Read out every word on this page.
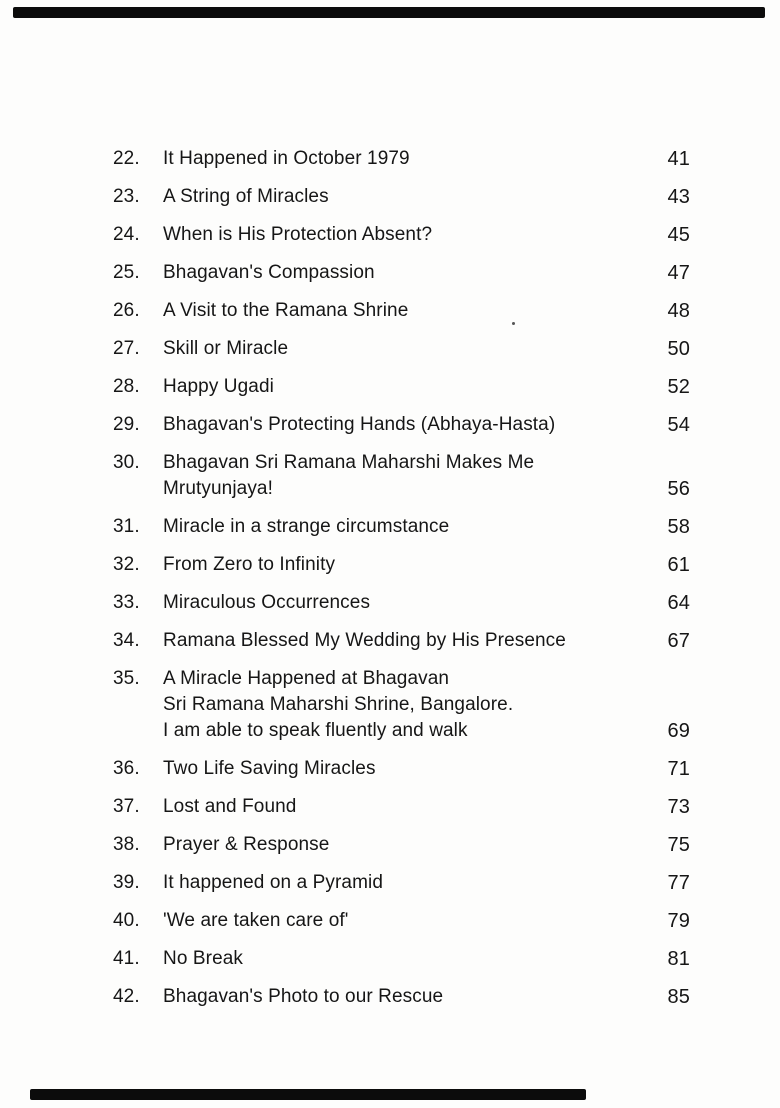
22.	It Happened in October 1979	41
23.	A String of Miracles	43
24.	When is His Protection Absent?	45
25.	Bhagavan's Compassion	47
26.	A Visit to the Ramana Shrine	48
27.	Skill or Miracle	50
28.	Happy Ugadi	52
29.	Bhagavan's Protecting Hands (Abhaya-Hasta)	54
30.	Bhagavan Sri Ramana Maharshi Makes Me Mrutyunjaya!	56
31.	Miracle in a strange circumstance	58
32.	From Zero to Infinity	61
33.	Miraculous Occurrences	64
34.	Ramana Blessed My Wedding by His Presence	67
35.	A Miracle Happened at Bhagavan
Sri Ramana Maharshi Shrine, Bangalore.
I am able to speak fluently and walk	69
36.	Two Life Saving Miracles	71
37.	Lost and Found	73
38.	Prayer & Response	75
39.	It happened on a Pyramid	77
40.	'We are taken care of'	79
41.	No Break	81
42.	Bhagavan's Photo to our Rescue	85
